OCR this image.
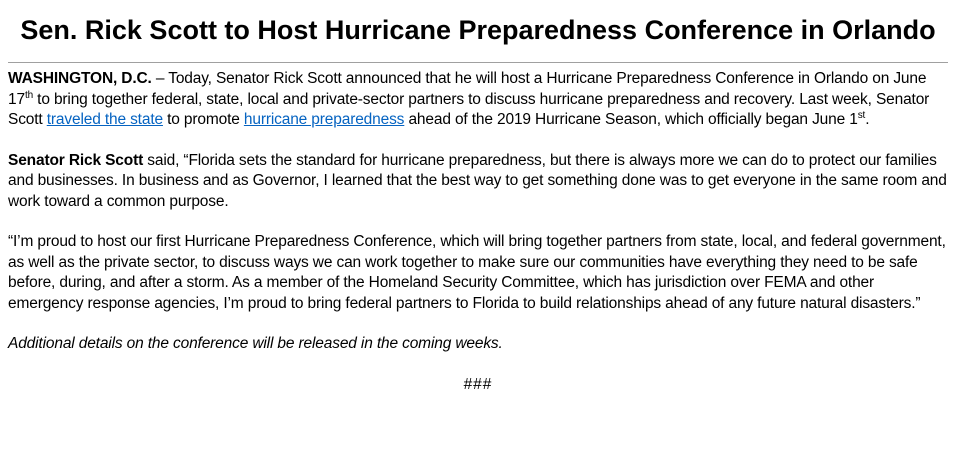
Sen. Rick Scott to Host Hurricane Preparedness Conference in Orlando

WASHINGTON, D.C. – Today, Senator Rick Scott announced that he will host a Hurricane Preparedness Conference in Orlando on June 17th to bring together federal, state, local and private-sector partners to discuss hurricane preparedness and recovery. Last week, Senator Scott traveled the state to promote hurricane preparedness ahead of the 2019 Hurricane Season, which officially began June 1st.

Senator Rick Scott said, “Florida sets the standard for hurricane preparedness, but there is always more we can do to protect our families and businesses. In business and as Governor, I learned that the best way to get something done was to get everyone in the same room and work toward a common purpose.

“I’m proud to host our first Hurricane Preparedness Conference, which will bring together partners from state, local, and federal government, as well as the private sector, to discuss ways we can work together to make sure our communities have everything they need to be safe before, during, and after a storm. As a member of the Homeland Security Committee, which has jurisdiction over FEMA and other emergency response agencies, I’m proud to bring federal partners to Florida to build relationships ahead of any future natural disasters.”

Additional details on the conference will be released in the coming weeks.

###
